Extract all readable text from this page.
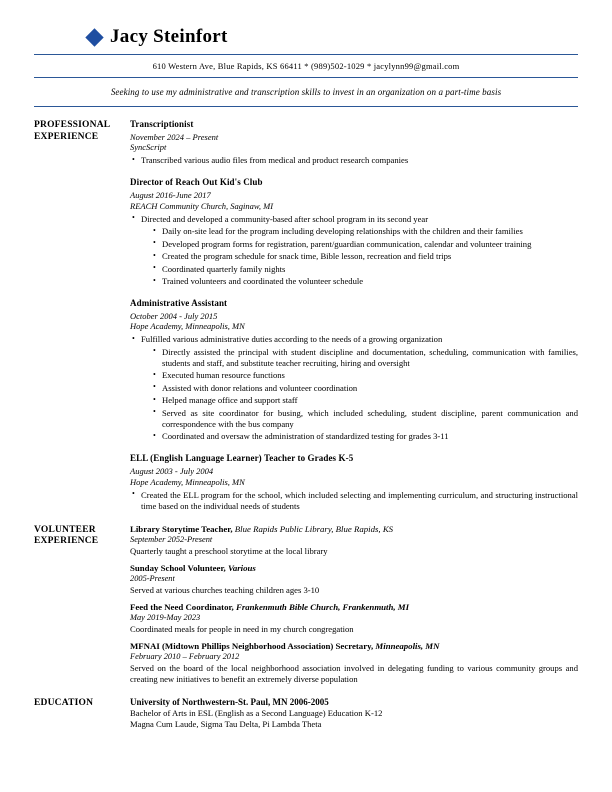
Jacy Steinfort
610 Western Ave, Blue Rapids, KS 66411 * (989)502-1029 * jacylynn99@gmail.com
Seeking to use my administrative and transcription skills to invest in an organization on a part-time basis
PROFESSIONAL
EXPERIENCE
Transcriptionist
November 2024 – Present
SyncScript
• Transcribed various audio files from medical and product research companies
Director of Reach Out Kid's Club
August 2016-June 2017
REACH Community Church, Saginaw, MI
• Directed and developed a community-based after school program in its second year
• Daily on-site lead for the program including developing relationships with the children and their families
• Developed program forms for registration, parent/guardian communication, calendar and volunteer training
• Created the program schedule for snack time, Bible lesson, recreation and field trips
• Coordinated quarterly family nights
• Trained volunteers and coordinated the volunteer schedule
Administrative Assistant
October 2004 - July 2015
Hope Academy, Minneapolis, MN
• Fulfilled various administrative duties according to the needs of a growing organization
• Directly assisted the principal with student discipline and documentation, scheduling, communication with families, students and staff, and substitute teacher recruiting, hiring and oversight
• Executed human resource functions
• Assisted with donor relations and volunteer coordination
• Helped manage office and support staff
• Served as site coordinator for busing, which included scheduling, student discipline, parent communication and correspondence with the bus company
• Coordinated and oversaw the administration of standardized testing for grades 3-11
ELL (English Language Learner) Teacher to Grades K-5
August 2003 - July 2004
Hope Academy, Minneapolis, MN
• Created the ELL program for the school, which included selecting and implementing curriculum, and structuring instructional time based on the individual needs of students
VOLUNTEER
EXPERIENCE
Library Storytime Teacher, Blue Rapids Public Library, Blue Rapids, KS
September 2052-Present
Quarterly taught a preschool storytime at the local library
Sunday School Volunteer, Various
2005-Present
Served at various churches teaching children ages 3-10
Feed the Need Coordinator, Frankenmuth Bible Church, Frankenmuth, MI
May 2019-May 2023
Coordinated meals for people in need in my church congregation
MFNAI (Midtown Phillips Neighborhood Association) Secretary, Minneapolis, MN
February 2010 – February 2012
Served on the board of the local neighborhood association involved in delegating funding to various community groups and creating new initiatives to benefit an extremely diverse population
EDUCATION	University of Northwestern-St. Paul, MN 2006-2005
Bachelor of Arts in ESL (English as a Second Language) Education K-12
Magna Cum Laude, Sigma Tau Delta, Pi Lambda Theta
